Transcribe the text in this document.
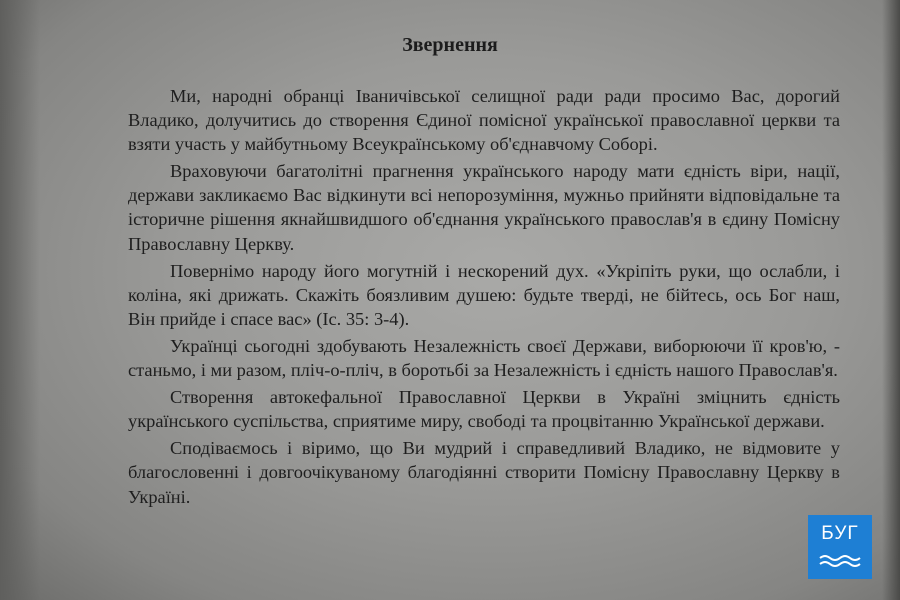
Звернення

Ми, народні обранці Іваничівської селищної ради ради просимо Вас, дорогий Владико, долучитись до створення Єдиної помісної української православної церкви та взяти участь у майбутньому Всеукраїнському об'єднавчому Соборі.

Враховуючи багатолітні прагнення українського народу мати єдність віри, нації, держави закликаємо Вас відкинути всі непорозуміння, мужньо прийняти відповідальне та історичне рішення якнайшвидшого об'єднання українського православ'я в єдину Помісну Православну Церкву.

Повернімо народу його могутній і нескорений дух. «Укріпіть руки, що ослабли, і коліна, які дрижать. Скажіть боязливим душею: будьте тверді, не бійтесь, ось Бог наш, Він прийде і спасе вас» (Іс. 35: 3-4).

Українці сьогодні здобувають Незалежність своєї Держави, виборюючи її кров'ю, - станьмо, і ми разом, пліч-о-пліч, в боротьбі за Незалежність і єдність нашого Православ'я.

Створення автокефальної Православної Церкви в Україні зміцнить єдність українського суспільства, сприятиме миру, свободі та процвітанню Української держави.

Сподіваємось і віримо, що Ви мудрий і справедливий Владико, не відмовите у благословенні і довгоочікуваному благодіянні створити Помісну Православну Церкву в Україні.

БУГ
